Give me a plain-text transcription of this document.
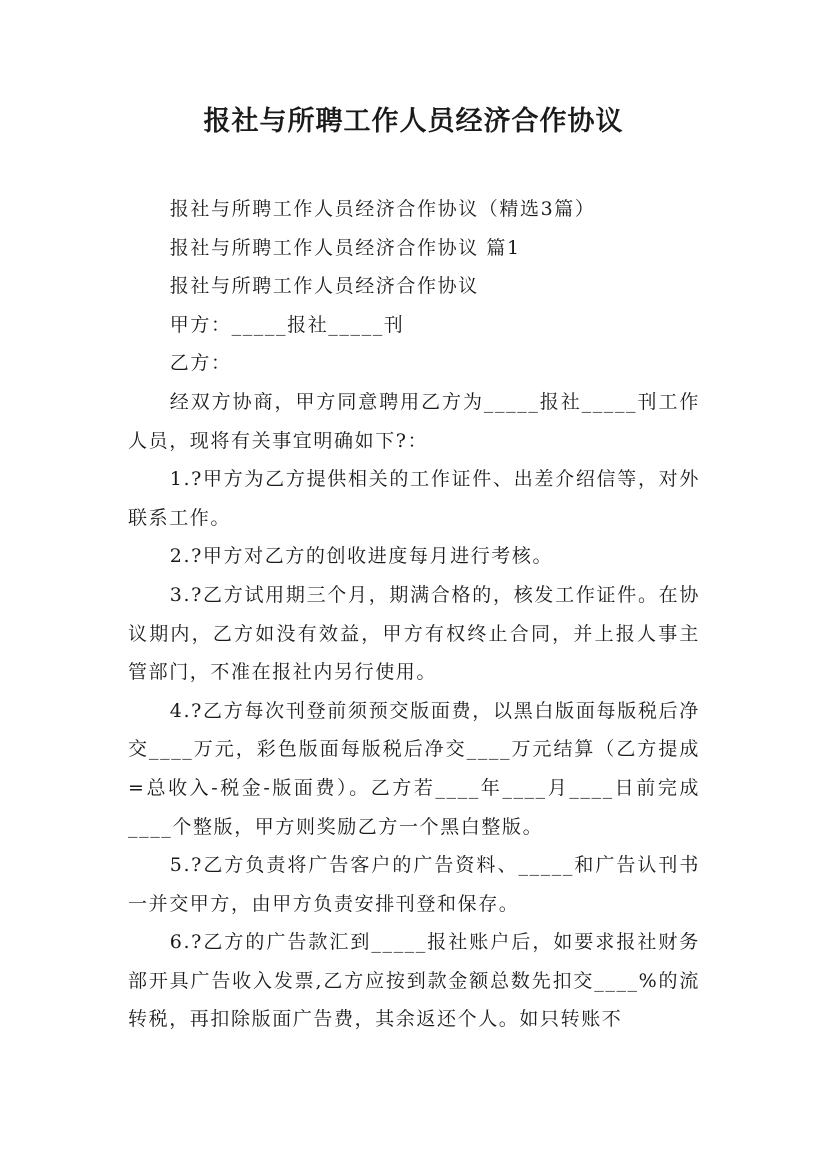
报社与所聘工作人员经济合作协议

报社与所聘工作人员经济合作协议（精选3篇）

报社与所聘工作人员经济合作协议 篇1

报社与所聘工作人员经济合作协议

甲方：_____报社_____刊

乙方：

经双方协商，甲方同意聘用乙方为_____报社_____刊工作人员，现将有关事宜明确如下?：

1.?甲方为乙方提供相关的工作证件、出差介绍信等，对外联系工作。

2.?甲方对乙方的创收进度每月进行考核。

3.?乙方试用期三个月，期满合格的，核发工作证件。在协议期内，乙方如没有效益，甲方有权终止合同，并上报人事主管部门，不准在报社内另行使用。

4.?乙方每次刊登前须预交版面费，以黑白版面每版税后净交____万元，彩色版面每版税后净交____万元结算（乙方提成=总收入-税金-版面费）。乙方若____年____月____日前完成____个整版，甲方则奖励乙方一个黑白整版。

5.?乙方负责将广告客户的广告资料、_____和广告认刊书一并交甲方，由甲方负责安排刊登和保存。

6.?乙方的广告款汇到_____报社账户后，如要求报社财务部开具广告收入发票,乙方应按到款金额总数先扣交____%的流转税，再扣除版面广告费，其余返还个人。如只转账不
